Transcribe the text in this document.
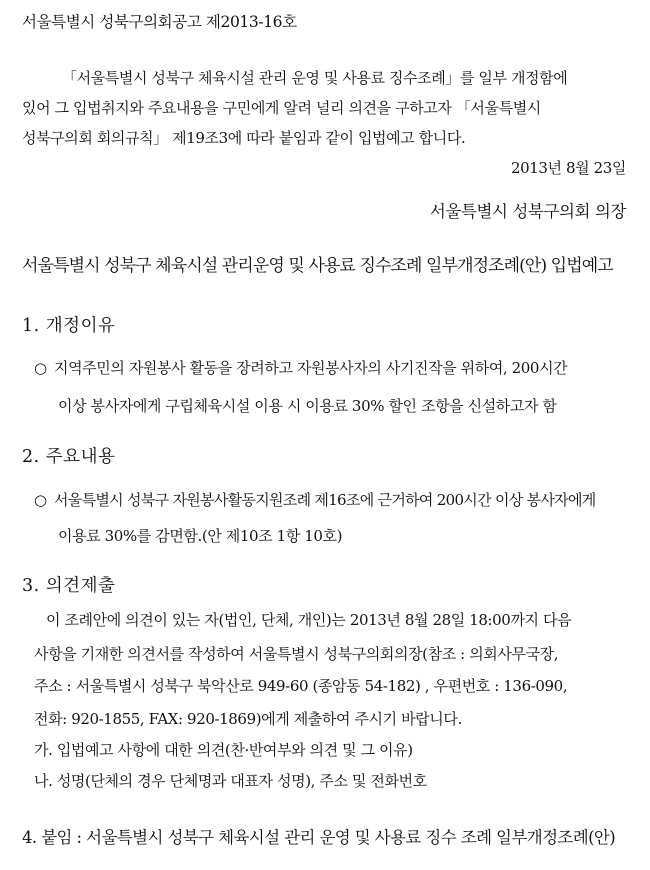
서울특별시 성북구의회공고 제2013-16호
「서울특별시 성북구 체육시설 관리 운영 및 사용료 징수조례」를 일부 개정함에
있어 그 입법취지와 주요내용을 구민에게 알려 널리 의견을 구하고자 「서울특별시
성북구의회 회의규칙」 제19조3에 따라 붙임과 같이 입법예고 합니다.
2013년 8월 23일
서울특별시 성북구의회 의장
서울특별시 성북구 체육시설 관리운영 및 사용료 징수조례 일부개정조례(안) 입법예고
1. 개정이유
○ 지역주민의 자원봉사 활동을 장려하고 자원봉사자의 사기진작을 위하여, 200시간
이상 봉사자에게 구립체육시설 이용 시 이용료 30% 할인 조항을 신설하고자 함
2. 주요내용
○ 서울특별시 성북구 자원봉사활동지원조례 제16조에 근거하여 200시간 이상 봉사자에게
이용료 30%를 감면함.(안 제10조 1항 10호)
3. 의견제출
이 조례안에 의견이 있는 자(법인, 단체, 개인)는 2013년 8월 28일 18:00까지 다음
사항을 기재한 의견서를 작성하여 서울특별시 성북구의회의장(참조 : 의회사무국장,
주소 : 서울특별시 성북구 북악산로 949-60 (종암동 54-182) , 우편번호 : 136-090,
전화: 920-1855, FAX: 920-1869)에게 제출하여 주시기 바랍니다.
가. 입법예고 사항에 대한 의견(찬·반여부와 의견 및 그 이유)
나. 성명(단체의 경우 단체명과 대표자 성명), 주소 및 전화번호
4. 붙임 : 서울특별시 성북구 체육시설 관리 운영 및 사용료 징수 조례 일부개정조례(안)
